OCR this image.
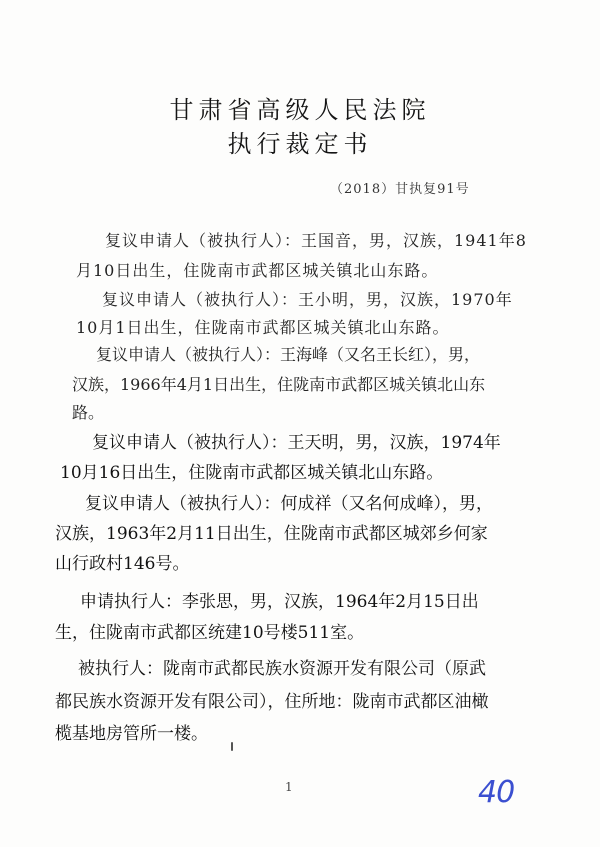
甘肃省高级人民法院
执行裁定书
（2018）甘执复91号
复议申请人（被执行人）：王国音，男，汉族，1941年8
月10日出生，住陇南市武都区城关镇北山东路。
复议申请人（被执行人）：王小明，男，汉族，1970年
10月1日出生，住陇南市武都区城关镇北山东路。
复议申请人（被执行人）：王海峰（又名王长红），男，
汉族，1966年4月1日出生，住陇南市武都区城关镇北山东
路。
复议申请人（被执行人）：王天明，男，汉族，1974年
10月16日出生，住陇南市武都区城关镇北山东路。
复议申请人（被执行人）：何成祥（又名何成峰），男，
汉族，1963年2月11日出生，住陇南市武都区城郊乡何家
山行政村146号。
申请执行人：李张思，男，汉族，1964年2月15日出
生，住陇南市武都区统建10号楼511室。
被执行人：陇南市武都民族水资源开发有限公司（原武
都民族水资源开发有限公司），住所地：陇南市武都区油橄
榄基地房管所一楼。
1	40
